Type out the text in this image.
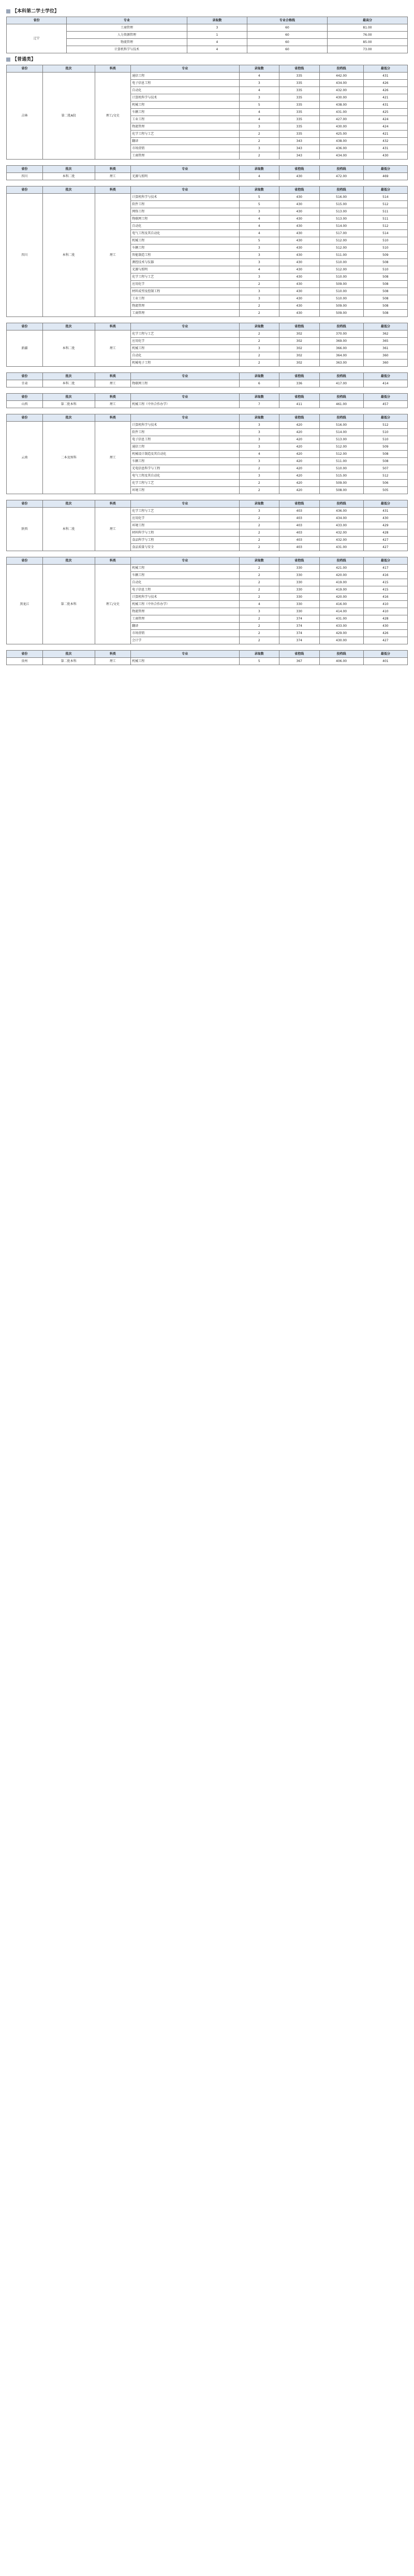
【本科第二学士学位】
省份	专业	录取数	专业合格线	最高分
辽宁	工商管理	3	60	81.00
	人力资源管理	1	60	76.00
	物流管理	4	60	85.00
	计算机科学与技术	4	60	73.00
【普通类】
省份	批次	科类	专业	录取数	省控线	投档线	最低分
吉林	第二批A段	理工/文史	通信工程	4	335	442.00	431
			电子信息工程	3	335	434.00	426
			自动化	4	335	432.00	426
			计算机科学与技术	3	335	430.00	421
			机械工程	5	335	438.00	431
			车辆工程	4	335	431.00	425
			工业工程	4	335	427.00	424
			物流管理	3	335	430.00	424
			化学工程与工艺	2	335	425.00	421
			翻译	2	343	438.00	432
			市场营销	3	343	436.00	431
			工商管理	2	343	434.00	430
省份	批次	科类	专业	录取数	省控线	投档线	最低分
四川	本科二批	理工	光源与照明	4	430	472.00	469
省份	批次	科类	专业	录取数	省控线	投档线	最低分
四川	本科二批	理工	计算机科学与技术	5	430	516.00	514
			软件工程	5	430	515.00	512
			网络工程	3	430	513.00	511
			物联网工程	4	430	513.00	511
			自动化	4	430	514.00	512
			电气工程及其自动化	4	430	517.00	514
			机械工程	5	430	512.00	510
			车辆工程	3	430	512.00	510
			智能制造工程	3	430	511.00	509
			测控技术与仪器	3	430	510.00	508
			光源与照明	4	430	512.00	510
			化学工程与工艺	3	430	510.00	508
			应用化学	2	430	509.00	508
			材料成型及控制工程	3	430	510.00	508
			工业工程	3	430	510.00	508
			物流管理	2	430	509.00	508
			工商管理	2	430	509.00	508
省份	批次	科类	专业	录取数	省控线	投档线	最低分
新疆	本科二批	理工	化学工程与工艺	2	302	370.00	362
			应用化学	2	302	369.00	365
			机械工程	3	302	366.00	361
			自动化	2	302	364.00	360
			机械电子工程	2	302	363.00	360
省份	批次	科类	专业	录取数	省控线	投档线	最低分
甘肃	本科二批	理工	物联网工程	6	336	417.00	414
省份	批次	科类	专业	录取数	省控线	投档线	最低分
山西	第二批本科	理工	机械工程（中外合作办学）	7	411	461.00	457
省份	批次	科类	专业	录取数	省控线	投档线	最低分
云南	二本及预科	理工	计算机科学与技术	3	420	516.00	512
			软件工程	3	420	514.00	510
			电子信息工程	3	420	513.00	510
			通信工程	3	420	512.00	509
			机械设计制造及其自动化	4	420	512.00	508
			车辆工程	3	420	511.00	508
			光电信息科学与工程	2	420	510.00	507
			电气工程及其自动化	3	420	515.00	512
			化学工程与工艺	2	420	509.00	506
			环境工程	2	420	508.00	505
省份	批次	科类	专业	录取数	省控线	投档线	最低分
陕西	本科二批	理工	化学工程与工艺	3	403	436.00	431
			应用化学	2	403	434.00	430
			环境工程	2	403	433.00	429
			材料科学与工程	2	403	432.00	428
			食品科学与工程	2	403	432.00	427
			食品质量与安全	2	403	431.00	427
省份	批次	科类	专业	录取数	省控线	投档线	最低分
黑龙江	第二批本科	理工/文史	机械工程	2	330	421.00	417
			车辆工程	2	330	420.00	416
			自动化	2	330	419.00	415
			电子信息工程	2	330	419.00	415
			计算机科学与技术	2	330	420.00	416
			机械工程（中外合作办学）	4	330	416.00	410
			物流管理	3	330	414.00	410
			工商管理	2	374	431.00	428
			翻译	2	374	433.00	430
			市场营销	2	374	429.00	426
			会计学	2	374	430.00	427
省份	批次	科类	专业	录取数	省控线	投档线	最低分
贵州	第二批本科	理工	机械工程	5	367	406.00	401
